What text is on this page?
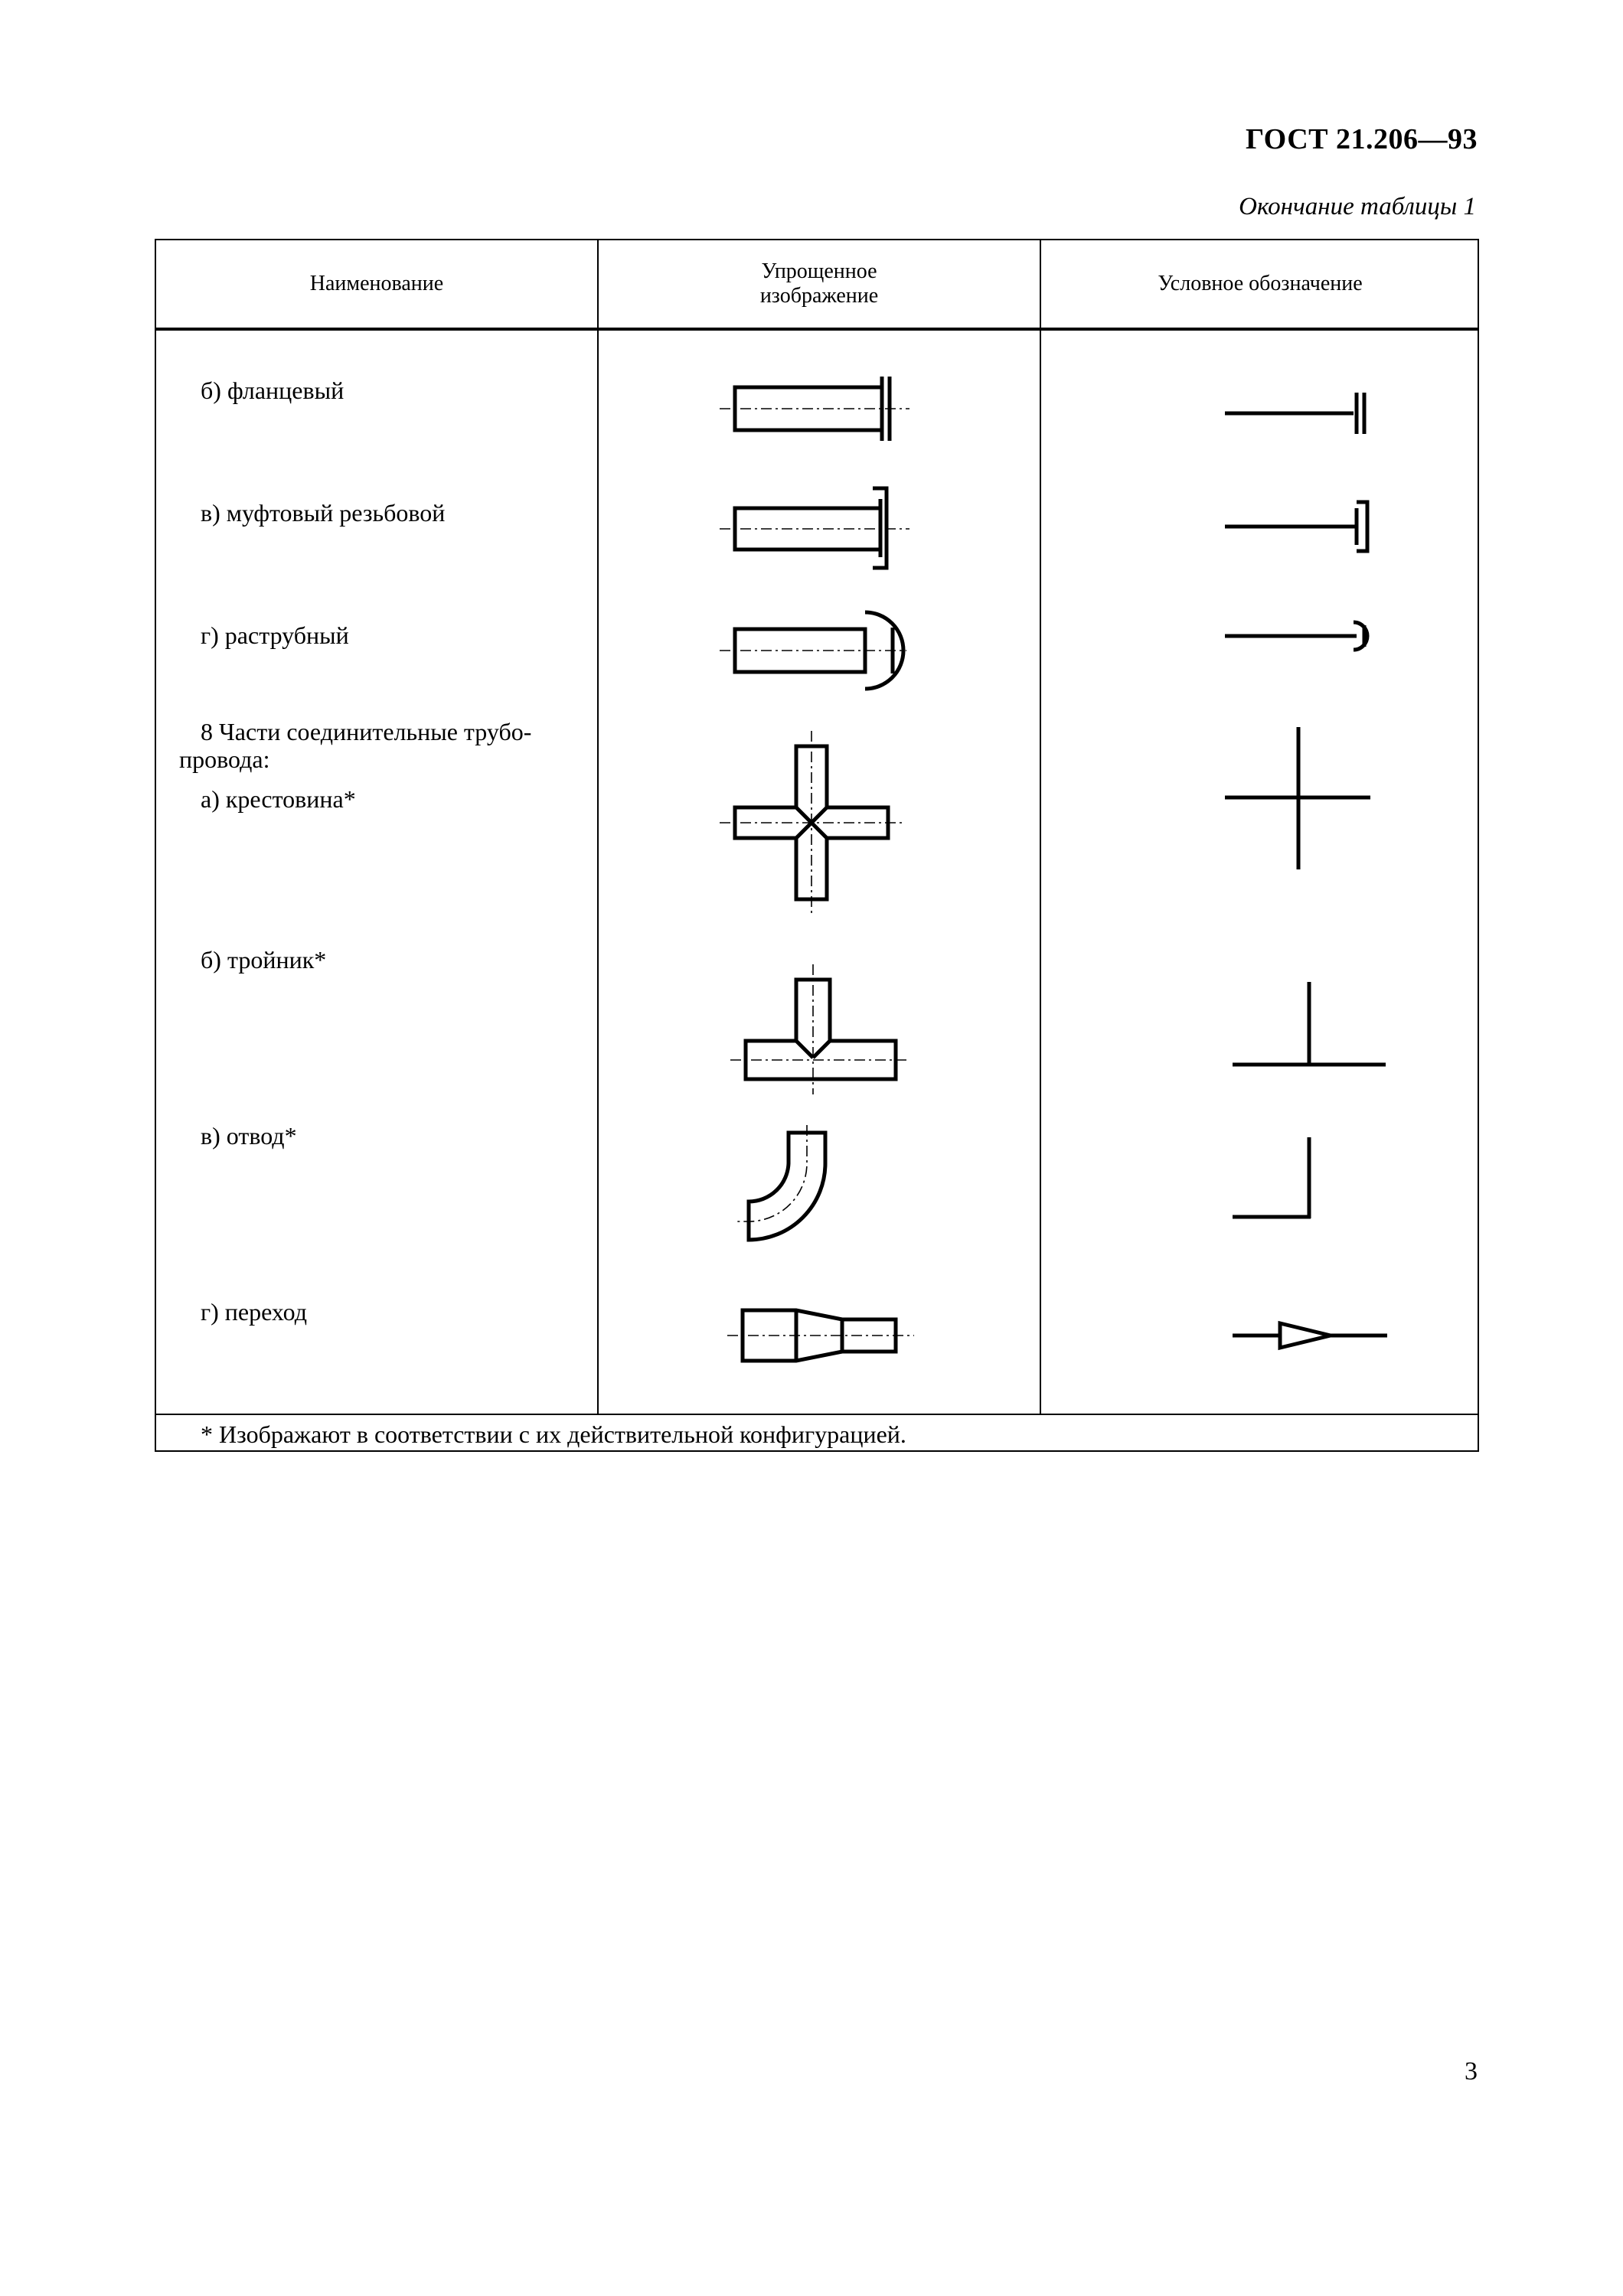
ГОСТ 21.206—93
Окончание таблицы 1
Наименование
Упрощенное
изображение
Условное обозначение
б) фланцевый
в) муфтовый резьбовой
г) раструбный
8 Части соединительные трубо-
провода:
а) крестовина*
б) тройник*
в) отвод*
г) переход
* Изображают в соответствии с их действительной конфигурацией.
3
